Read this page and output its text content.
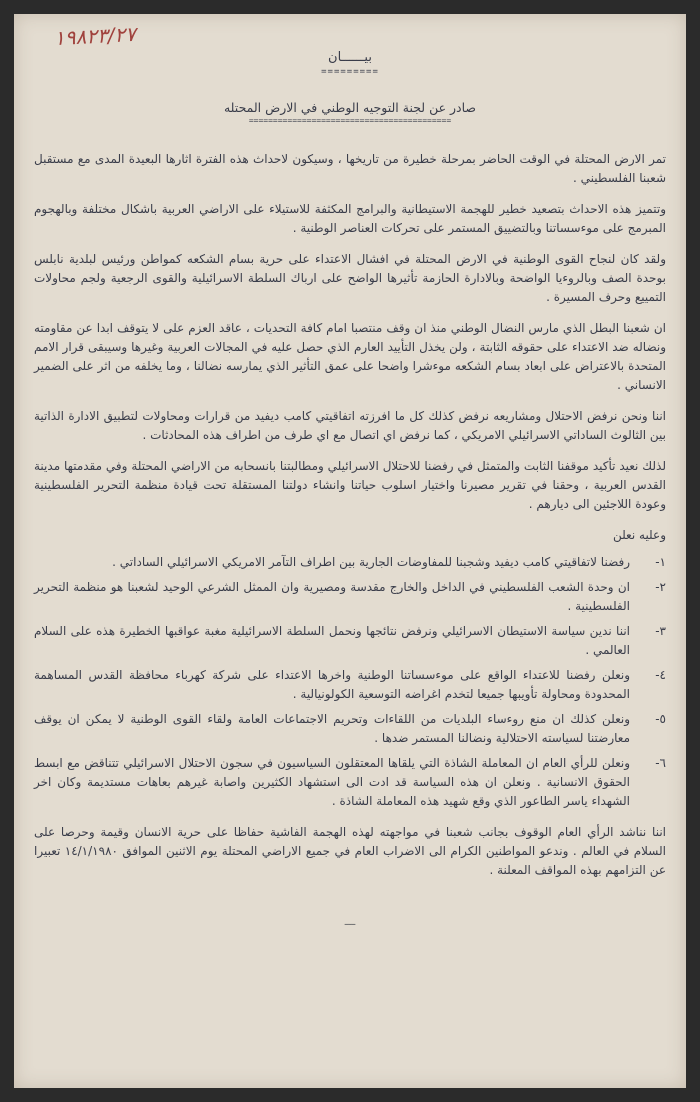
١٩٨٢٣/٢٧

بيــــــان

=========

صادر عن لجنة التوجيه الوطني في الارض المحتله

==========================================

تمر الارض المحتلة في الوقت الحاضر بمرحلة خطيرة من تاريخها ، وسيكون لاحداث هذه الفترة اثارها البعيدة المدى مع مستقبل شعبنا الفلسطيني .

وتتميز هذه الاحداث بتصعيد خطير للهجمة الاستيطانية والبرامج المكثفة للاستيلاء على الاراضي العربية باشكال مختلفة وبالهجوم المبرمج على موءسساتنا وبالتضييق المستمر على تحركات العناصر الوطنية .

ولقد كان لنجاح القوى الوطنية في الارض المحتلة في افشال الاعتداء على حرية بسام الشكعه كمواطن ورئيس لبلدية نابلس بوحدة الصف وبالروءيا الواضحة وبالادارة الحازمة تأثيرها الواضح على ارباك السلطة الاسرائيلية والقوى الرجعية ولجم محاولات التمييع وحرف المسيرة .

ان شعبنا البطل الذي مارس النضال الوطني منذ ان وقف منتصبا امام كافة التحديات ، عاقد العزم على لا يتوقف ابدا عن مقاومته ونضاله ضد الاعتداء على حقوقه الثابتة ، ولن يخذل التأييد العارم الذي حصل عليه في المجالات العربية وغيرها وسيبقى قرار الامم المتحدة بالاعتراض على ابعاد بسام الشكعه موءشرا واضحا على عمق التأثير الذي يمارسه نضالنا ، وما يخلفه من اثر على الضمير الانساني .

اننا ونحن نرفض الاحتلال ومشاريعه نرفض كذلك كل ما افرزته اتفاقيتي كامب ديفيد من قرارات ومحاولات لتطبيق الادارة الذاتية بين الثالوث الساداتي الاسرائيلي الامريكي ، كما نرفض اي اتصال مع اي طرف من اطراف هذه المحادثات .

لذلك نعيد تأكيد موقفنا الثابت والمتمثل في رفضنا للاحتلال الاسرائيلي ومطالبتنا بانسحابه من الاراضي المحتلة وفي مقدمتها مدينة القدس العربية ، وحقنا في تقرير مصيرنا واختيار اسلوب حياتنا وانشاء دولتنا المستقلة تحت قيادة منظمة التحرير الفلسطينية وعودة اللاجئين الى ديارهم .

وعليه نعلن

١-
رفضنا لاتفاقيتي كامب ديفيد وشجبنا للمفاوضات الجارية بين اطراف التآمر الامريكي الاسرائيلي الساداتي .
٢-
ان وحدة الشعب الفلسطيني في الداخل والخارج مقدسة ومصيرية وان الممثل الشرعي الوحيد لشعبنا هو منظمة التحرير الفلسطينية .
٣-
اننا ندين سياسة الاستيطان الاسرائيلي ونرفض نتائجها ونحمل السلطة الاسرائيلية مغبة عواقبها الخطيرة هذه على السلام العالمي .
٤-
ونعلن رفضنا للاعتداء الواقع على موءسساتنا الوطنية واخرها الاعتداء على شركة كهرباء محافظة القدس المساهمة المحدودة ومحاولة تأويبها جميعا لتخدم اغراضه التوسعية الكولونيالية .
٥-
ونعلن كذلك ان منع روءساء البلديات من اللقاءات وتحريم الاجتماعات العامة ولقاء القوى الوطنية لا يمكن ان يوقف معارضتنا لسياسته الاحتلالية ونضالنا المستمر ضدها .
٦-
ونعلن للرأي العام ان المعاملة الشاذة التي يلقاها المعتقلون السياسيون في سجون الاحتلال الاسرائيلي تتناقض مع ابسط الحقوق الانسانية . ونعلن ان هذه السياسة قد ادت الى استشهاد الكثيرين واصابة غيرهم بعاهات مستديمة وكان اخر الشهداء ياسر الطاعور الذي وقع شهيد هذه المعاملة الشاذة .

اننا نناشد الرأي العام الوقوف بجانب شعبنا في مواجهته لهذه الهجمة الفاشية حفاظا على حرية الانسان وقيمة وحرصا على السلام في العالم . وندعو المواطنين الكرام الى الاضراب العام في جميع الاراضي المحتلة يوم الاثنين الموافق ١٤/١/١٩٨٠ تعبيرا عن التزامهم بهذه المواقف المعلنة .

ـــ
